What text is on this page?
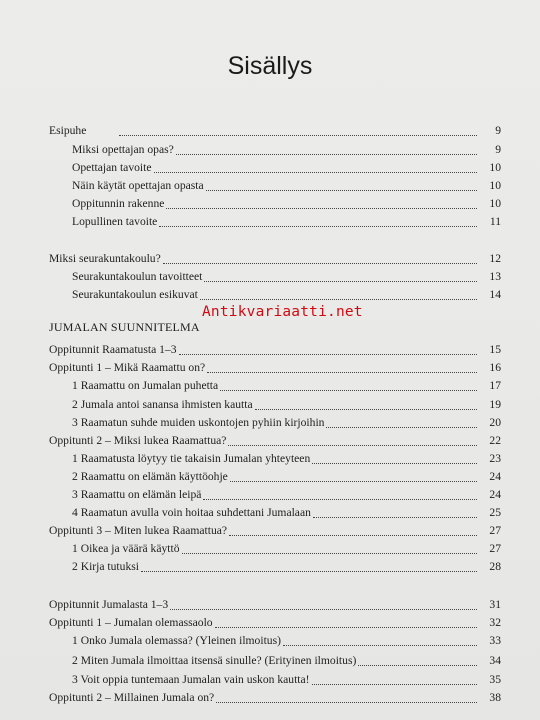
Sisällys
Esipuhe	9
Miksi opettajan opas?	9
Opettajan tavoite	10
Näin käytät opettajan opasta	10
Oppitunnin rakenne	10
Lopullinen tavoite	11
Miksi seurakuntakoulu?	12
Seurakuntakoulun tavoitteet	13
Seurakuntakoulun esikuvat	14
Antikvariaatti.net
JUMALAN SUUNNITELMA
Oppitunnit Raamatusta 1–3	15
Oppitunti 1 – Mikä Raamattu on?	16
1 Raamattu on Jumalan puhetta	17
2 Jumala antoi sanansa ihmisten kautta	19
3 Raamatun suhde muiden uskontojen pyhiin kirjoihin	20
Oppitunti 2 – Miksi lukea Raamattua?	22
1 Raamatusta löytyy tie takaisin Jumalan yhteyteen	23
2 Raamattu on elämän käyttöohje	24
3 Raamattu on elämän leipä	24
4 Raamatun avulla voin hoitaa suhdettani Jumalaan	25
Oppitunti 3 – Miten lukea Raamattua?	27
1 Oikea ja väärä käyttö	27
2 Kirja tutuksi	28
Oppitunnit Jumalasta 1–3	31
Oppitunti 1 – Jumalan olemassaolo	32
1 Onko Jumala olemassa? (Yleinen ilmoitus)	33
2 Miten Jumala ilmoittaa itsensä sinulle? (Erityinen ilmoitus)	34
3 Voit oppia tuntemaan Jumalan vain uskon kautta!	35
Oppitunti 2 – Millainen Jumala on?	38
